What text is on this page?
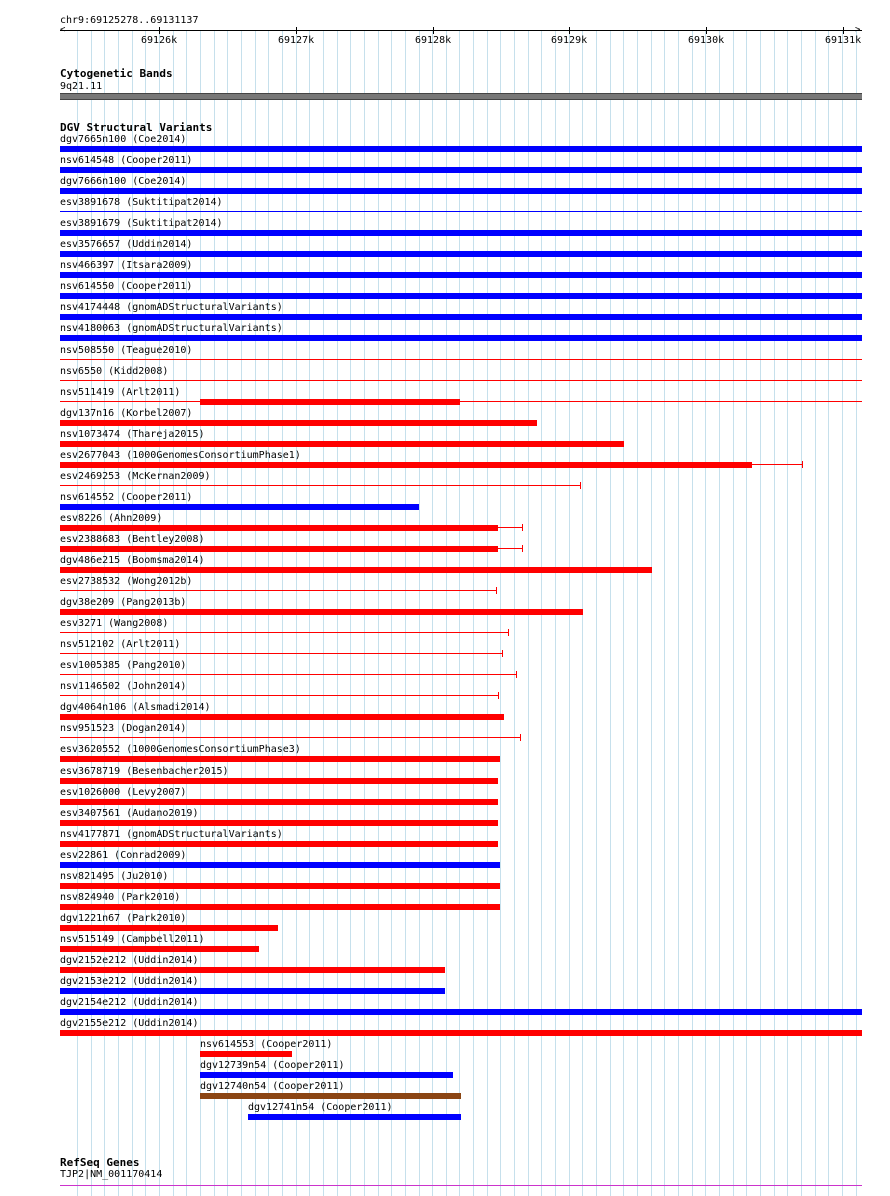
chr9:69125278..69131137
<	>
69126k	69127k	69128k	69129k	69130k	69131k
Cytogenetic Bands
9q21.11
DGV Structural Variants
dgv7665n100 (Coe2014)
nsv614548 (Cooper2011)
dgv7666n100 (Coe2014)
esv3891678 (Suktitipat2014)
esv3891679 (Suktitipat2014)
esv3576657 (Uddin2014)
nsv466397 (Itsara2009)
nsv614550 (Cooper2011)
nsv4174448 (gnomADStructuralVariants)
nsv4180063 (gnomADStructuralVariants)
nsv508550 (Teague2010)
nsv6550 (Kidd2008)
nsv511419 (Arlt2011)
dgv137n16 (Korbel2007)
nsv1073474 (Thareja2015)
esv2677043 (1000GenomesConsortiumPhase1)
esv2469253 (McKernan2009)
nsv614552 (Cooper2011)
esv8226 (Ahn2009)
esv2388683 (Bentley2008)
dgv486e215 (Boomsma2014)
esv2738532 (Wong2012b)
dgv38e209 (Pang2013b)
esv3271 (Wang2008)
nsv512102 (Arlt2011)
esv1005385 (Pang2010)
nsv1146502 (John2014)
dgv4064n106 (Alsmadi2014)
nsv951523 (Dogan2014)
esv3620552 (1000GenomesConsortiumPhase3)
esv3678719 (Besenbacher2015)
esv1026000 (Levy2007)
esv3407561 (Audano2019)
nsv4177871 (gnomADStructuralVariants)
esv22861 (Conrad2009)
nsv821495 (Ju2010)
nsv824940 (Park2010)
dgv1221n67 (Park2010)
nsv515149 (Campbell2011)
dgv2152e212 (Uddin2014)
dgv2153e212 (Uddin2014)
dgv2154e212 (Uddin2014)
dgv2155e212 (Uddin2014)
nsv614553 (Cooper2011)
dgv12739n54 (Cooper2011)
dgv12740n54 (Cooper2011)
dgv12741n54 (Cooper2011)
RefSeq Genes
TJP2|NM_001170414
